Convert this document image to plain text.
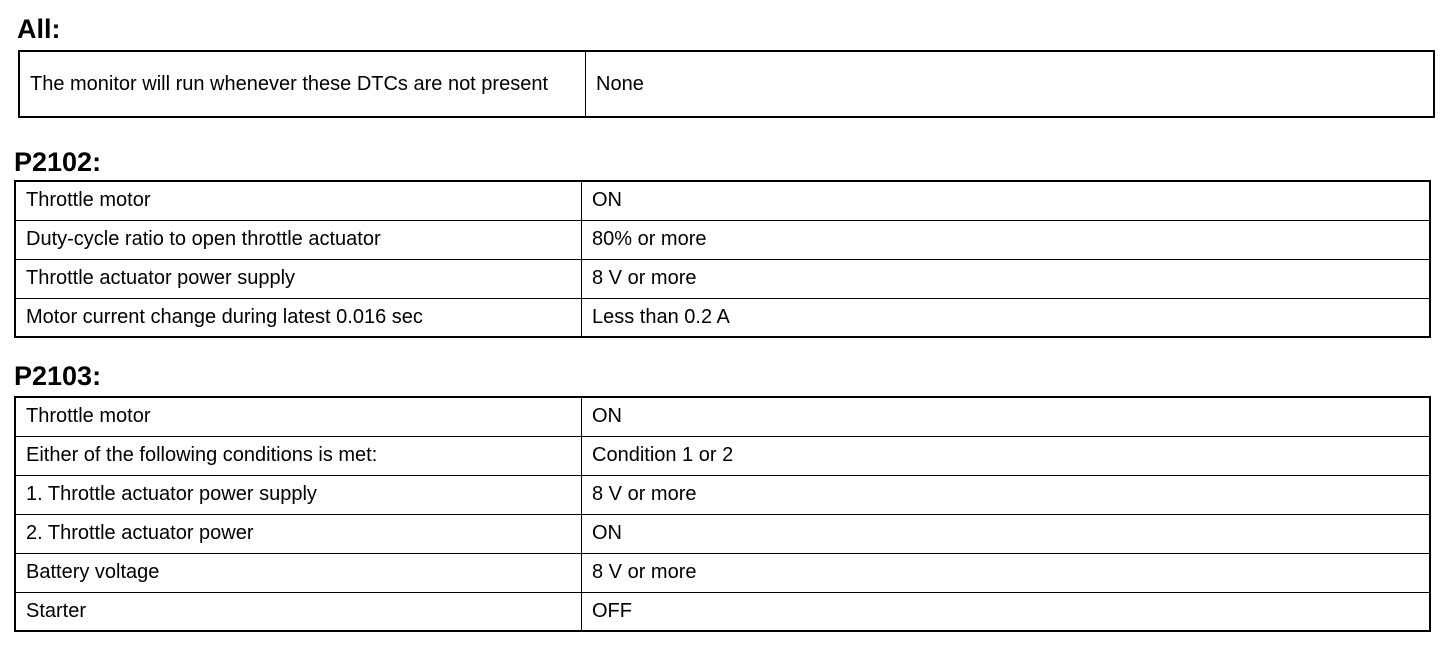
All:
The monitor will run whenever these DTCs are not present	None
P2102:
Throttle motor	ON
Duty-cycle ratio to open throttle actuator	80% or more
Throttle actuator power supply	8 V or more
Motor current change during latest 0.016 sec	Less than 0.2 A
P2103:
Throttle motor	ON
Either of the following conditions is met:	Condition 1 or 2
1. Throttle actuator power supply	8 V or more
2. Throttle actuator power	ON
Battery voltage	8 V or more
Starter	OFF
